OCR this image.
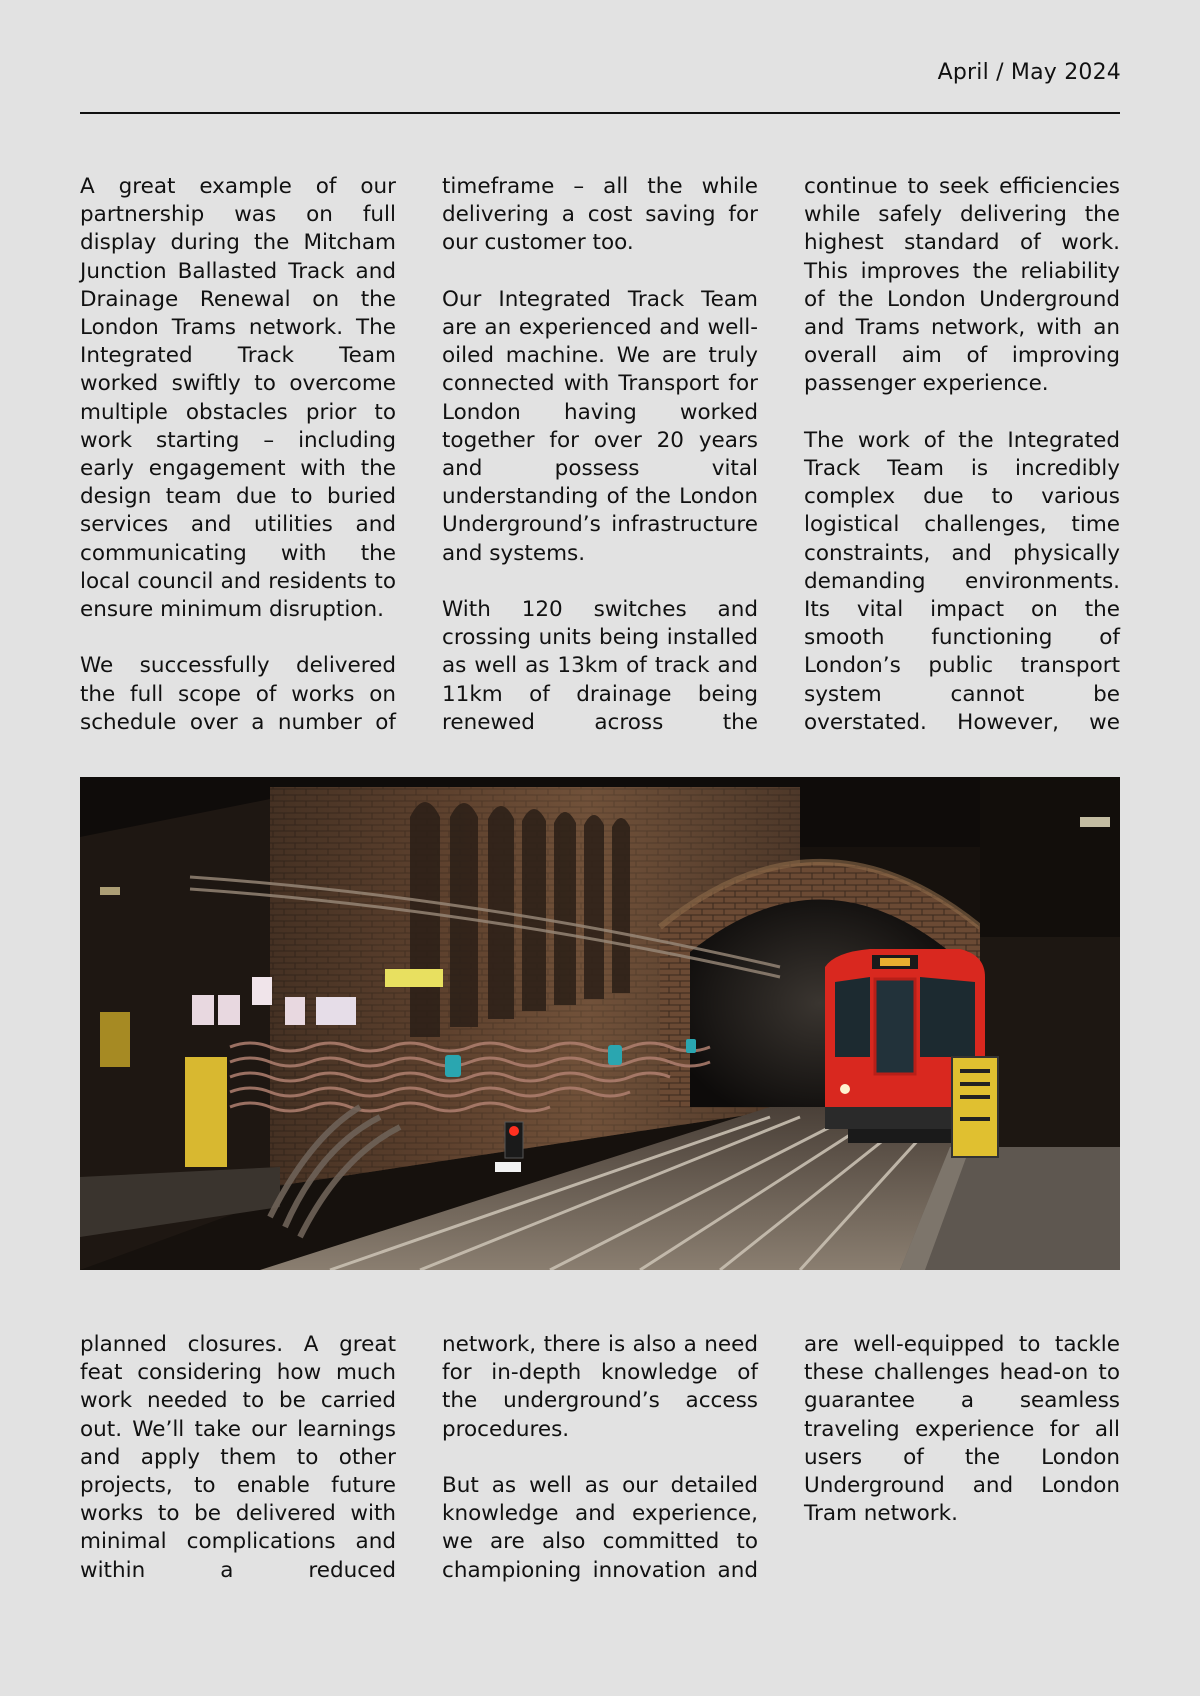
April / May 2024

A great example of our partnership was on full display during the Mitcham Junction Ballasted Track and Drainage Renewal on the London Trams network. The Integrated Track Team worked swiftly to overcome multiple obstacles prior to work starting – including early engagement with the design team due to buried services and utilities and communicating with the local council and residents to ensure minimum disruption.

We successfully delivered the full scope of works on schedule over a number of

timeframe – all the while delivering a cost saving for our customer too.

Our Integrated Track Team are an experienced and well-oiled machine. We are truly connected with Transport for London having worked together for over 20 years and possess vital understanding of the London Underground’s infrastructure and systems.

With 120 switches and crossing units being installed as well as 13km of track and 11km of drainage being renewed across the

continue to seek efficiencies while safely delivering the highest standard of work. This improves the reliability of the London Underground and Trams network, with an overall aim of improving passenger experience.

The work of the Integrated Track Team is incredibly complex due to various logistical challenges, time constraints, and physically demanding environments. Its vital impact on the smooth functioning of London’s public transport system cannot be overstated. However, we

planned closures. A great feat considering how much work needed to be carried out. We’ll take our learnings and apply them to other projects, to enable future works to be delivered with minimal complications and within a reduced

network, there is also a need for in-depth knowledge of the underground’s access procedures.

But as well as our detailed knowledge and experience, we are also committed to championing innovation and

are well-equipped to tackle these challenges head-on to guarantee a seamless traveling experience for all users of the London Underground and London Tram network.
